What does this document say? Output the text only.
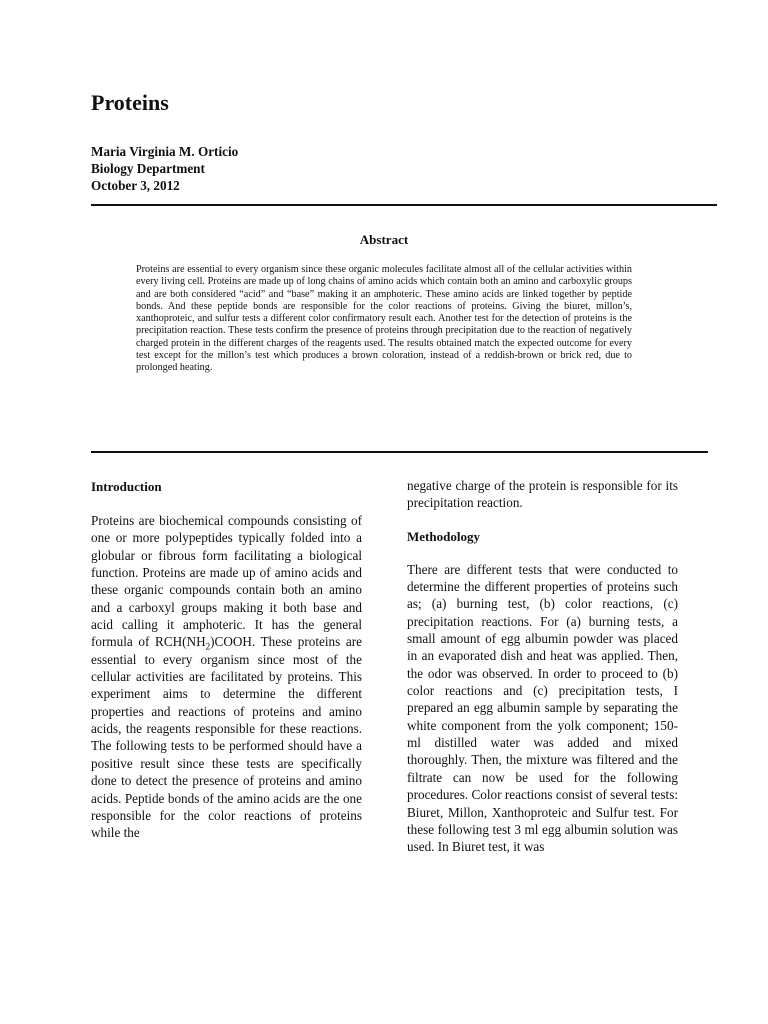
Proteins
Maria Virginia M. Orticio
Biology Department
October 3, 2012
Abstract

Proteins are essential to every organism since these organic molecules facilitate almost all of the cellular activities within every living cell. Proteins are made up of long chains of amino acids which contain both an amino and carboxylic groups and are both considered “acid” and “base” making it an amphoteric. These amino acids are linked together by peptide bonds. And these peptide bonds are responsible for the color reactions of proteins. Giving the biuret, millon’s, xanthoproteic, and sulfur tests a different color confirmatory result each. Another test for the detection of proteins is the precipitation reaction. These tests confirm the presence of proteins through precipitation due to the reaction of negatively charged protein in the different charges of the reagents used. The results obtained match the expected outcome for every test except for the millon’s test which produces a brown coloration, instead of a reddish-brown or brick red, due to prolonged heating.

Introduction

Proteins are biochemical compounds consisting of one or more polypeptides typically folded into a globular or fibrous form facilitating a biological function. Proteins are made up of amino acids and these organic compounds contain both an amino and a carboxyl groups making it both base and acid calling it amphoteric. It has the general formula of $RCH(NH_2)COOH$. These proteins are essential to every organism since most of the cellular activities are facilitated by proteins. This experiment aims to determine the different properties and reactions of proteins and amino acids, the reagents responsible for these reactions. The following tests to be performed should have a positive result since these tests are specifically done to detect the presence of proteins and amino acids. Peptide bonds of the amino acids are the one responsible for the color reactions of proteins while the

negative charge of the protein is responsible for its precipitation reaction.

Methodology

There are different tests that were conducted to determine the different properties of proteins such as; (a) burning test, (b) color reactions, (c) precipitation reactions. For (a) burning tests, a small amount of egg albumin powder was placed in an evaporated dish and heat was applied. Then, the odor was observed. In order to proceed to (b) color reactions and (c) precipitation tests, I prepared an egg albumin sample by separating the white component from the yolk component; 150-ml distilled water was added and mixed thoroughly. Then, the mixture was filtered and the filtrate can now be used for the following procedures. Color reactions consist of several tests: Biuret, Millon, Xanthoproteic and Sulfur test. For these following test 3 ml egg albumin solution was used. In Biuret test, it was
